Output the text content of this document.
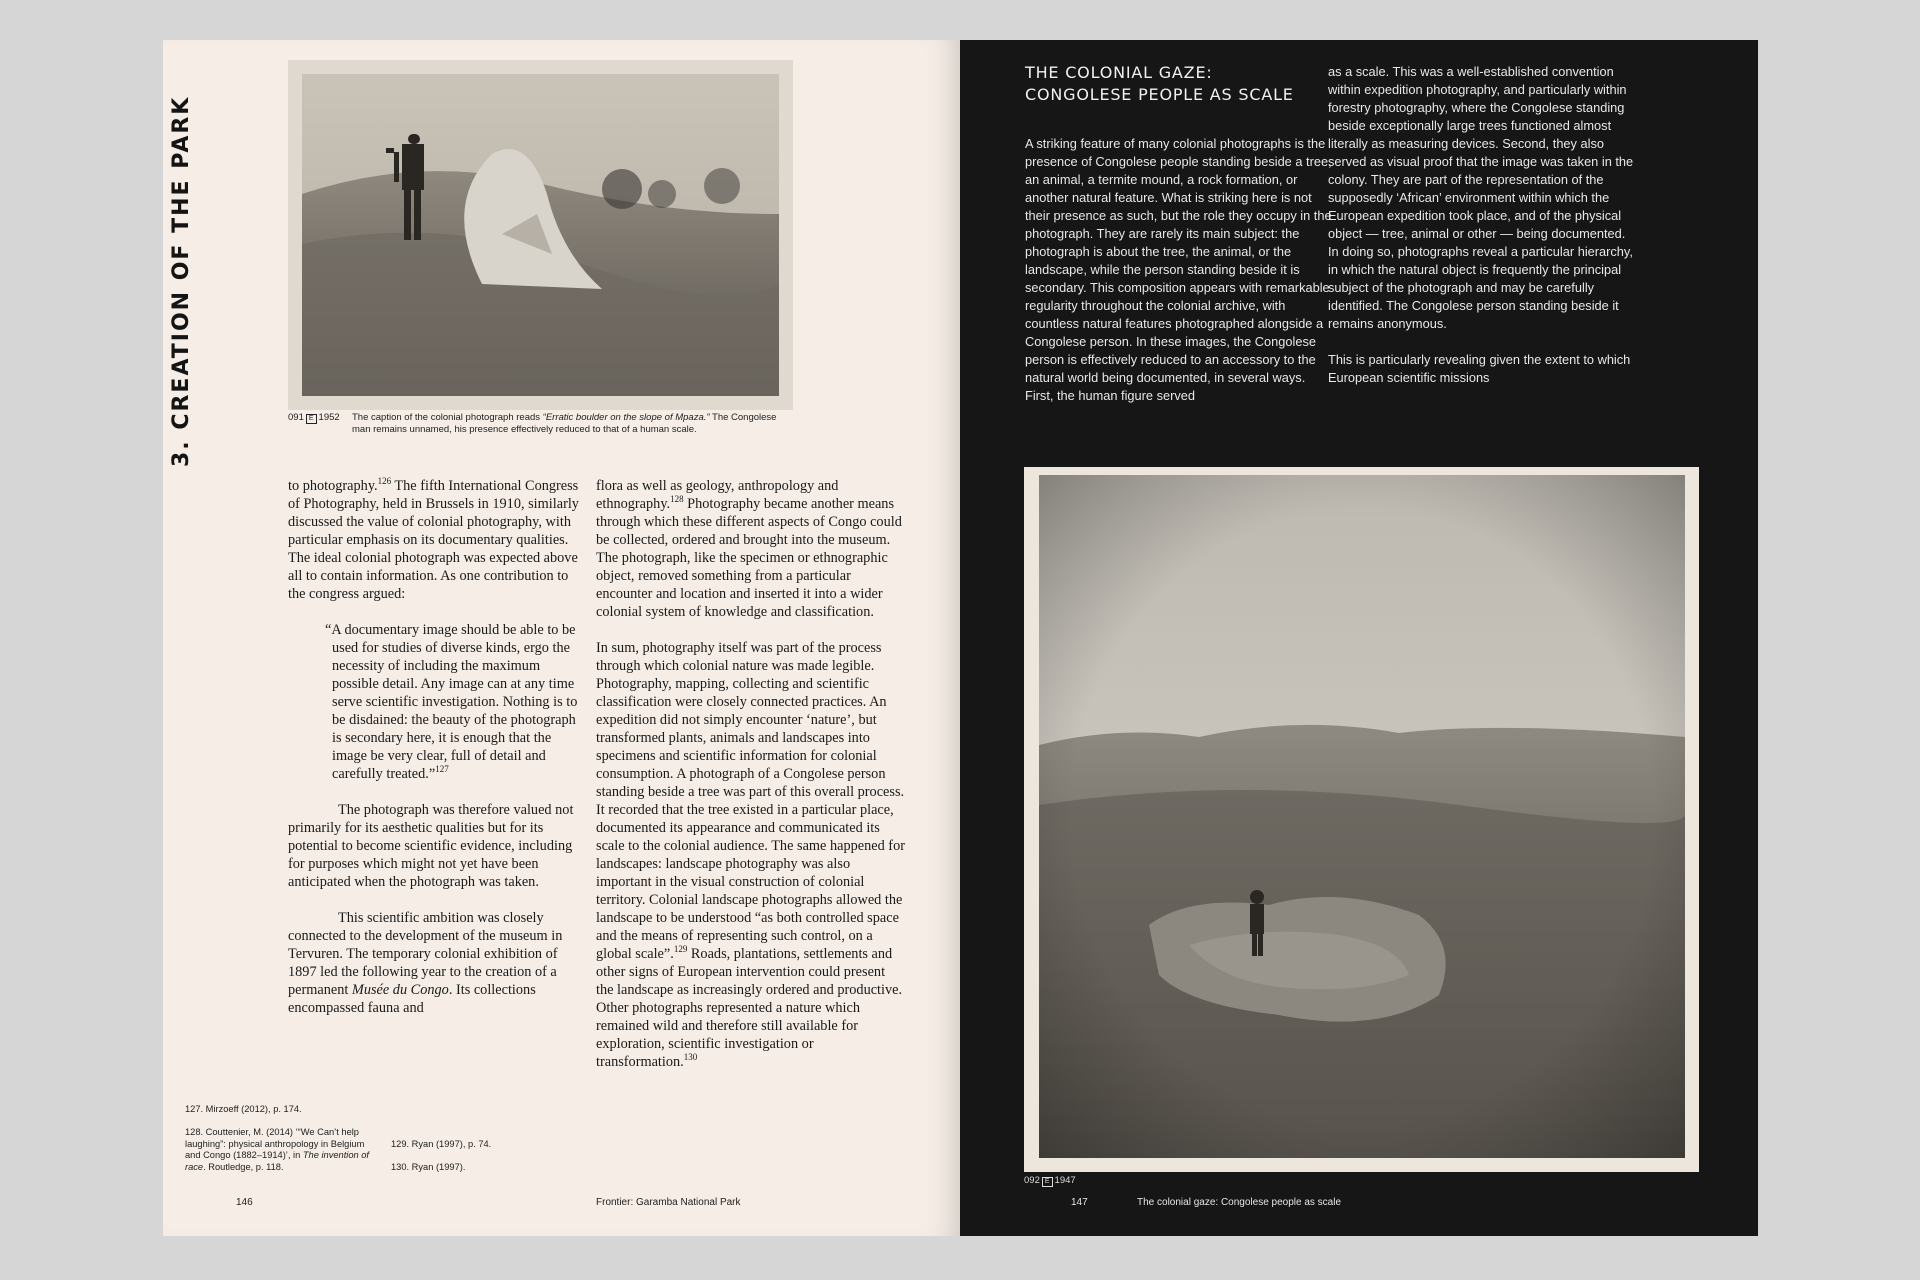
3. CREATION OF THE PARK	091 E 1952 The caption of the colonial photograph reads “Erratic boulder on the slope of Mpaza.” The Congolese man remains unnamed, his presence effectively reduced to that of a human scale.

to photography.$^{126}$ The fifth International Congress of Photography, held in Brussels in 1910, similarly discussed the value of colonial photography, with particular emphasis on its documentary qualities. The ideal colonial photograph was expected above all to contain information. As one contribution to the congress argued:

“A documentary image should be able to be used for studies of diverse kinds, ergo the necessity of including the maximum possible detail. Any image can at any time serve scientific investigation. Nothing is to be disdained: the beauty of the photograph is secondary here, it is enough that the image be very clear, full of detail and carefully treated.”$^{127}$

The photograph was therefore valued not primarily for its aesthetic qualities but for its potential to become scientific evidence, including for purposes which might not yet have been anticipated when the photograph was taken.

This scientific ambition was closely connected to the development of the museum in Tervuren. The temporary colonial exhibition of 1897 led the following year to the creation of a permanent Musée du Congo. Its collections encompassed fauna and

flora as well as geology, anthropology and ethnography.$^{128}$ Photography became another means through which these different aspects of Congo could be collected, ordered and brought into the museum. The photograph, like the specimen or ethnographic object, removed something from a particular encounter and location and inserted it into a wider colonial system of knowledge and classification.

In sum, photography itself was part of the process through which colonial nature was made legible. Photography, mapping, collecting and scientific classification were closely connected practices. An expedition did not simply encounter ‘nature’, but transformed plants, animals and landscapes into specimens and scientific information for colonial consumption. A photograph of a Congolese person standing beside a tree was part of this overall process. It recorded that the tree existed in a particular place, documented its appearance and communicated its scale to the colonial audience. The same happened for landscapes: landscape photography was also important in the visual construction of colonial territory. Colonial landscape photographs allowed the landscape to be understood “as both controlled space and the means of representing such control, on a global scale”.$^{129}$ Roads, plantations, settlements and other signs of European intervention could present the landscape as increasingly ordered and productive. Other photographs represented a nature which remained wild and therefore still available for exploration, scientific investigation or transformation.$^{130}$

127. Mirzoeff (2012), p. 174.
128. Couttenier, M. (2014) ‘“We Can’t help laughing”: physical anthropology in Belgium and Congo (1882–1914)’, in The invention of race. Routledge, p. 118.
129. Ryan (1997), p. 74.
130. Ryan (1997).
146	Frontier: Garamba National Park
THE COLONIAL GAZE:
CONGOLESE PEOPLE AS SCALE

A striking feature of many colonial photographs is the presence of Congolese people standing beside a tree, an animal, a termite mound, a rock formation, or another natural feature. What is striking here is not their presence as such, but the role they occupy in the photograph. They are rarely its main subject: the photograph is about the tree, the animal, or the landscape, while the person standing beside it is secondary. This composition appears with remarkable regularity throughout the colonial archive, with countless natural features photographed alongside a Congolese person. In these images, the Congolese person is effectively reduced to an accessory to the natural world being documented, in several ways. First, the human figure served

as a scale. This was a well-established convention within expedition photography, and particularly within forestry photography, where the Congolese standing beside exceptionally large trees functioned almost literally as measuring devices. Second, they also served as visual proof that the image was taken in the colony. They are part of the representation of the supposedly ‘African’ environment within which the European expedition took place, and of the physical object — tree, animal or other — being documented. In doing so, photographs reveal a particular hierarchy, in which the natural object is frequently the principal subject of the photograph and may be carefully identified. The Congolese person standing beside it remains anonymous.

This is particularly revealing given the extent to which European scientific missions

092 E 1947
147	The colonial gaze: Congolese people as scale
